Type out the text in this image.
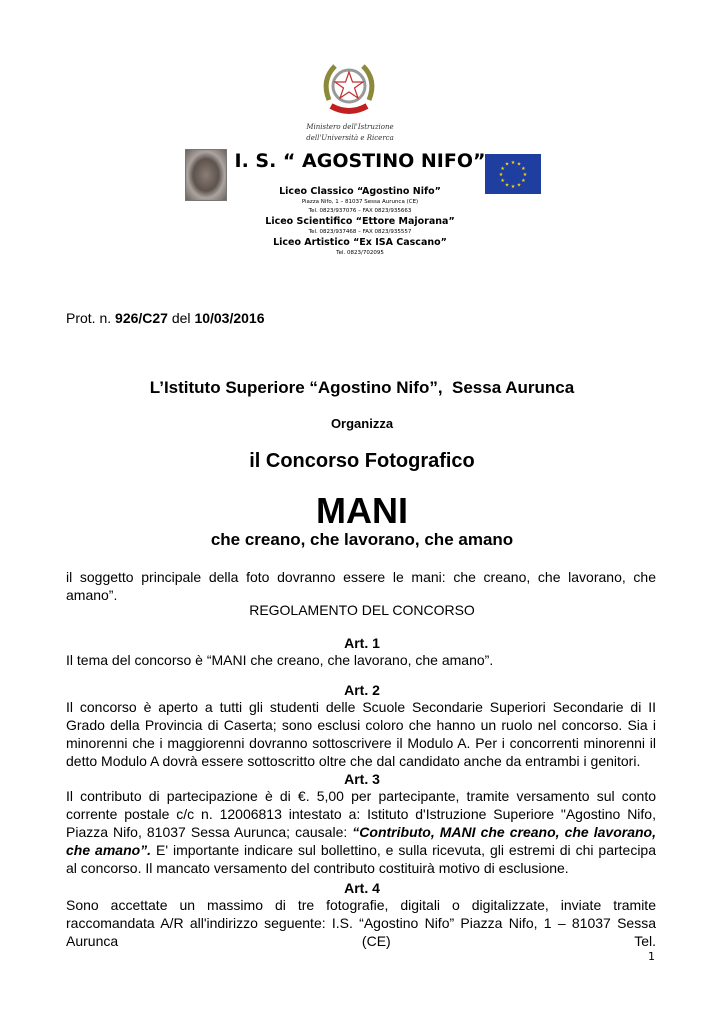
Ministero dell'Istruzione
dell'Università e Ricerca
I. S. “ AGOSTINO NIFO”
Liceo Classico “Agostino Nifo”
Piazza Nifo, 1 – 81037 Sessa Aurunca (CE)
Tel. 0823/937076 – FAX 0823/935663
Liceo Scientifico “Ettore Majorana”
Tel. 0823/937468 – FAX 0823/935557
Liceo Artistico “Ex ISA Cascano”
Tel. 0823/702095
★ ★
★
★
★
★
★
★
★
★
★
★
Prot. n. 926/C27 del 10/03/2016
L’Istituto Superiore “Agostino Nifo”,  Sessa Aurunca
Organizza
il Concorso Fotografico
MANI
che creano, che lavorano, che amano
il soggetto principale della foto dovranno essere le mani: che creano, che lavorano, che amano”.
REGOLAMENTO DEL CONCORSO
Art. 1
Il tema del concorso è “MANI che creano, che lavorano, che amano”.
Art. 2
Il concorso è aperto a tutti gli studenti delle Scuole Secondarie Superiori Secondarie di II Grado della Provincia di Caserta; sono esclusi coloro che hanno un ruolo nel concorso. Sia i minorenni che i maggiorenni dovranno sottoscrivere il Modulo A. Per i concorrenti minorenni il detto Modulo A dovrà essere sottoscritto oltre che dal candidato anche da entrambi i genitori.
Art. 3
Il contributo di partecipazione è di €. 5,00 per partecipante, tramite versamento sul conto corrente postale c/c n. 12006813 intestato a: Istituto d'Istruzione Superiore "Agostino Nifo, Piazza Nifo, 81037 Sessa Aurunca; causale: “Contributo, MANI che creano, che lavorano, che amano”. E' importante indicare sul bollettino, e sulla ricevuta, gli estremi di chi partecipa al concorso. Il mancato versamento del contributo costituirà motivo di esclusione.
Art. 4
Sono accettate un massimo di tre fotografie, digitali o digitalizzate, inviate tramite raccomandata A/R all'indirizzo seguente: I.S. “Agostino Nifo” Piazza Nifo, 1 – 81037 Sessa Aurunca (CE) Tel.
1
